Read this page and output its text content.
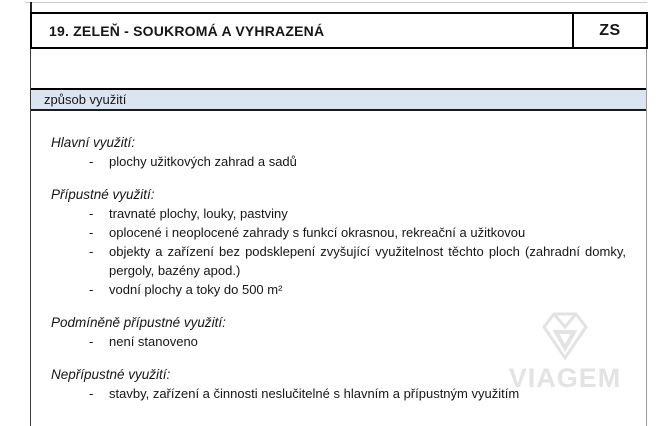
19. ZELEŇ - SOUKROMÁ A VYHRAZENÁ	ZS
způsob využití
Hlavní využití:
-	plochy užitkových zahrad a sadů
Přípustné využití:
-	travnaté plochy, louky, pastviny
-	oplocené i neoplocené zahrady s funkcí okrasnou, rekreační a užitkovou
-	objekty a zařízení bez podsklepení zvyšující využitelnost těchto ploch (zahradní domky, pergoly, bazény apod.)
-	vodní plochy a toky do 500 m²
Podmíněně přípustné využití:
-	není stanoveno
Nepřípustné využití:
-	stavby, zařízení a činnosti neslučitelné s hlavním a přípustným využitím
VIAGEM
